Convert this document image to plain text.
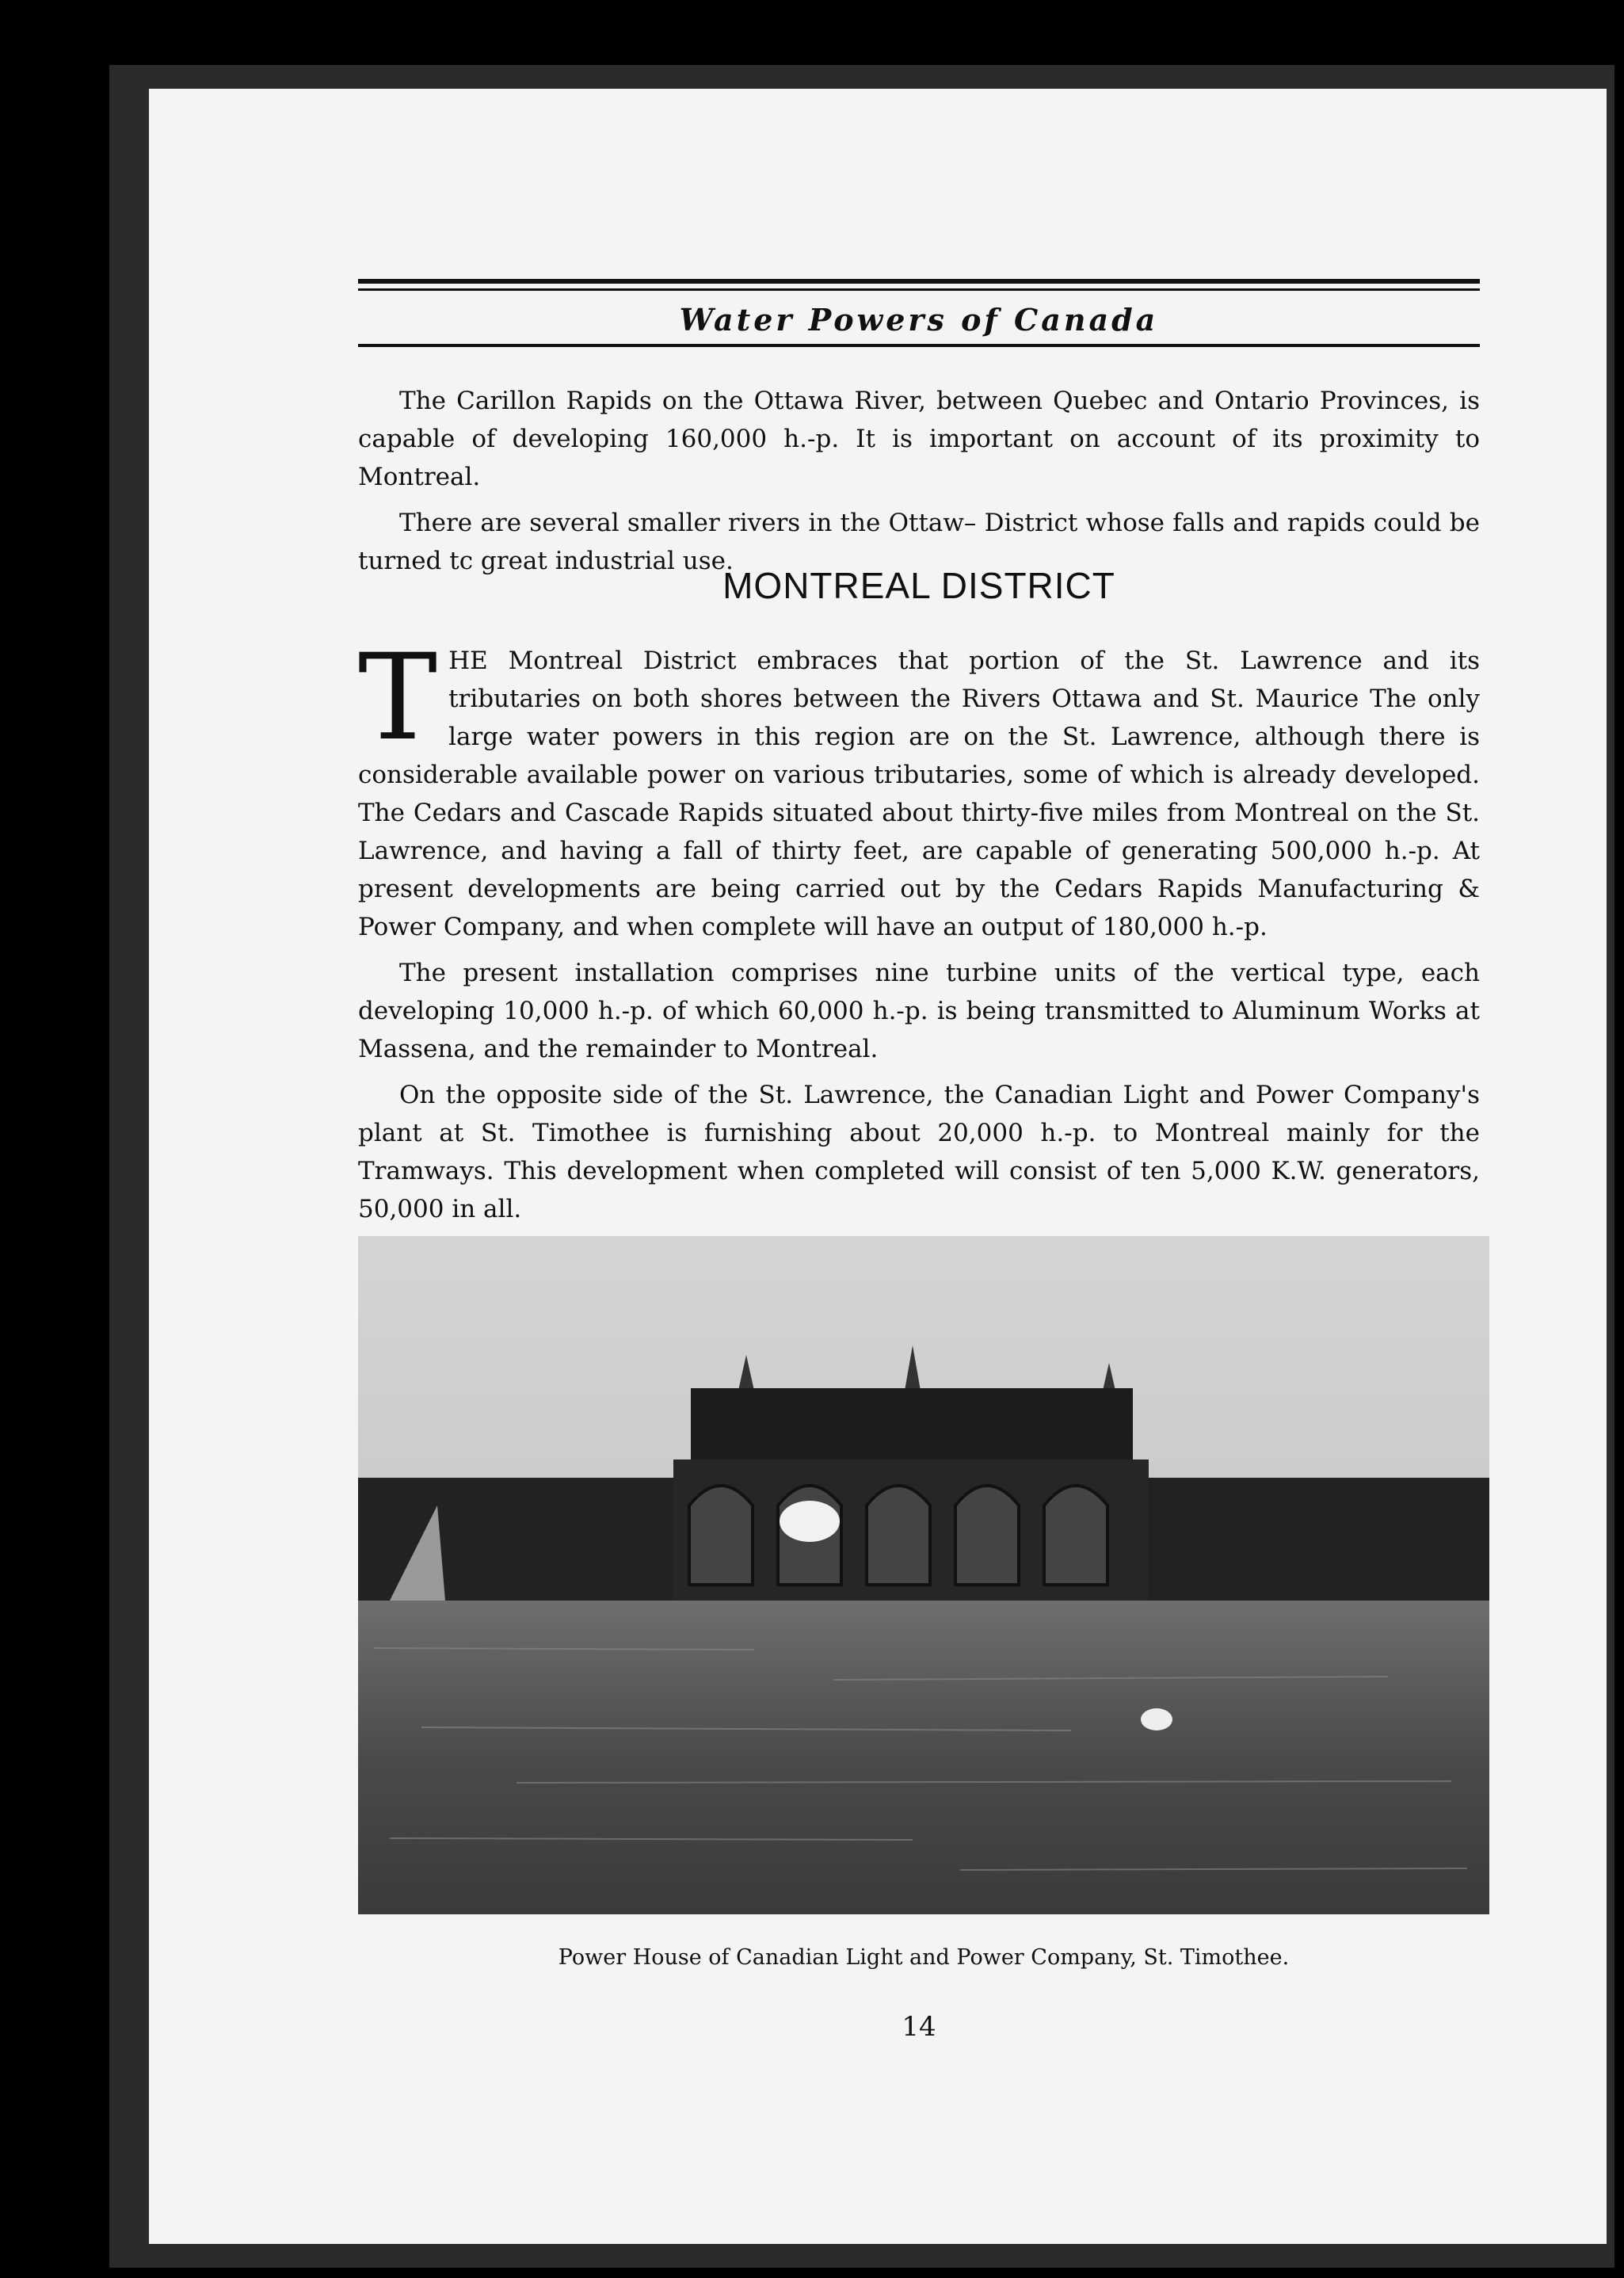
Water Powers of Canada

The Carillon Rapids on the Ottawa River, between Quebec and Ontario Provinces, is capable of developing 160,000 h.-p. It is important on account of its proximity to Montreal.

There are several smaller rivers in the Ottaw– District whose falls and rapids could be turned tc great industrial use.

MONTREAL DISTRICT

THE Montreal District embraces that portion of the St. Lawrence and its tributaries on both shores between the Rivers Ottawa and St. Maurice The only large water powers in this region are on the St. Lawrence, although there is considerable available power on various tributaries, some of which is already developed. The Cedars and Cascade Rapids situated about thirty-five miles from Montreal on the St. Lawrence, and having a fall of thirty feet, are capable of generating 500,000 h.-p. At present developments are being carried out by the Cedars Rapids Manufacturing & Power Company, and when complete will have an output of 180,000 h.-p.

The present installation comprises nine turbine units of the vertical type, each developing 10,000 h.-p. of which 60,000 h.-p. is being transmitted to Aluminum Works at Massena, and the remainder to Montreal.

On the opposite side of the St. Lawrence, the Canadian Light and Power Company's plant at St. Timothee is furnishing about 20,000 h.-p. to Montreal mainly for the Tramways. This development when completed will consist of ten 5,000 K.W. generators, 50,000 in all.

Power House of Canadian Light and Power Company, St. Timothee.
14
